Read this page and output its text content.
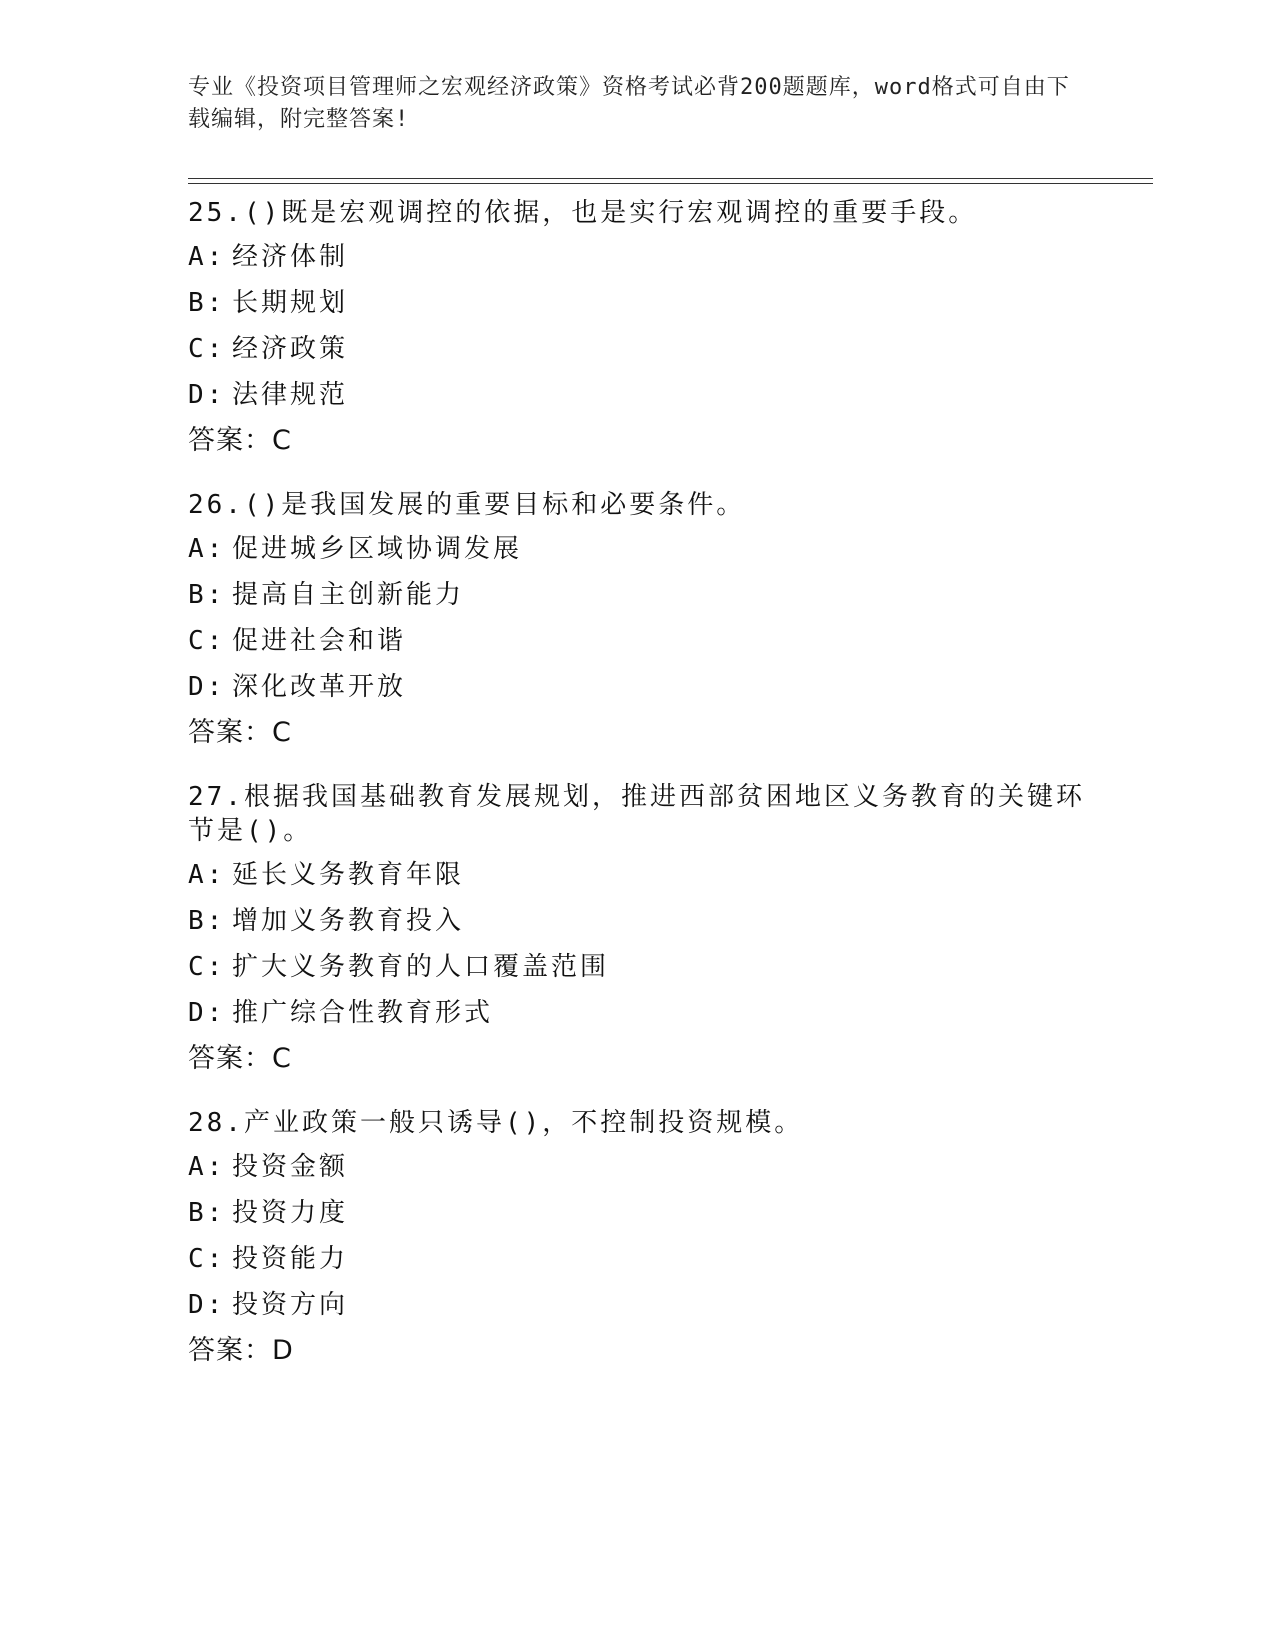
专业《投资项目管理师之宏观经济政策》资格考试必背200题题库，word格式可自由下载编辑，附完整答案!
25.()既是宏观调控的依据，也是实行宏观调控的重要手段。
A: 经济体制
B: 长期规划
C: 经济政策
D: 法律规范
答案：C
26.()是我国发展的重要目标和必要条件。
A: 促进城乡区域协调发展
B: 提高自主创新能力
C: 促进社会和谐
D: 深化改革开放
答案：C
27.根据我国基础教育发展规划，推进西部贫困地区义务教育的关键环节是()。
A: 延长义务教育年限
B: 增加义务教育投入
C: 扩大义务教育的人口覆盖范围
D: 推广综合性教育形式
答案：C
28.产业政策一般只诱导()，不控制投资规模。
A: 投资金额
B: 投资力度
C: 投资能力
D: 投资方向
答案：D
